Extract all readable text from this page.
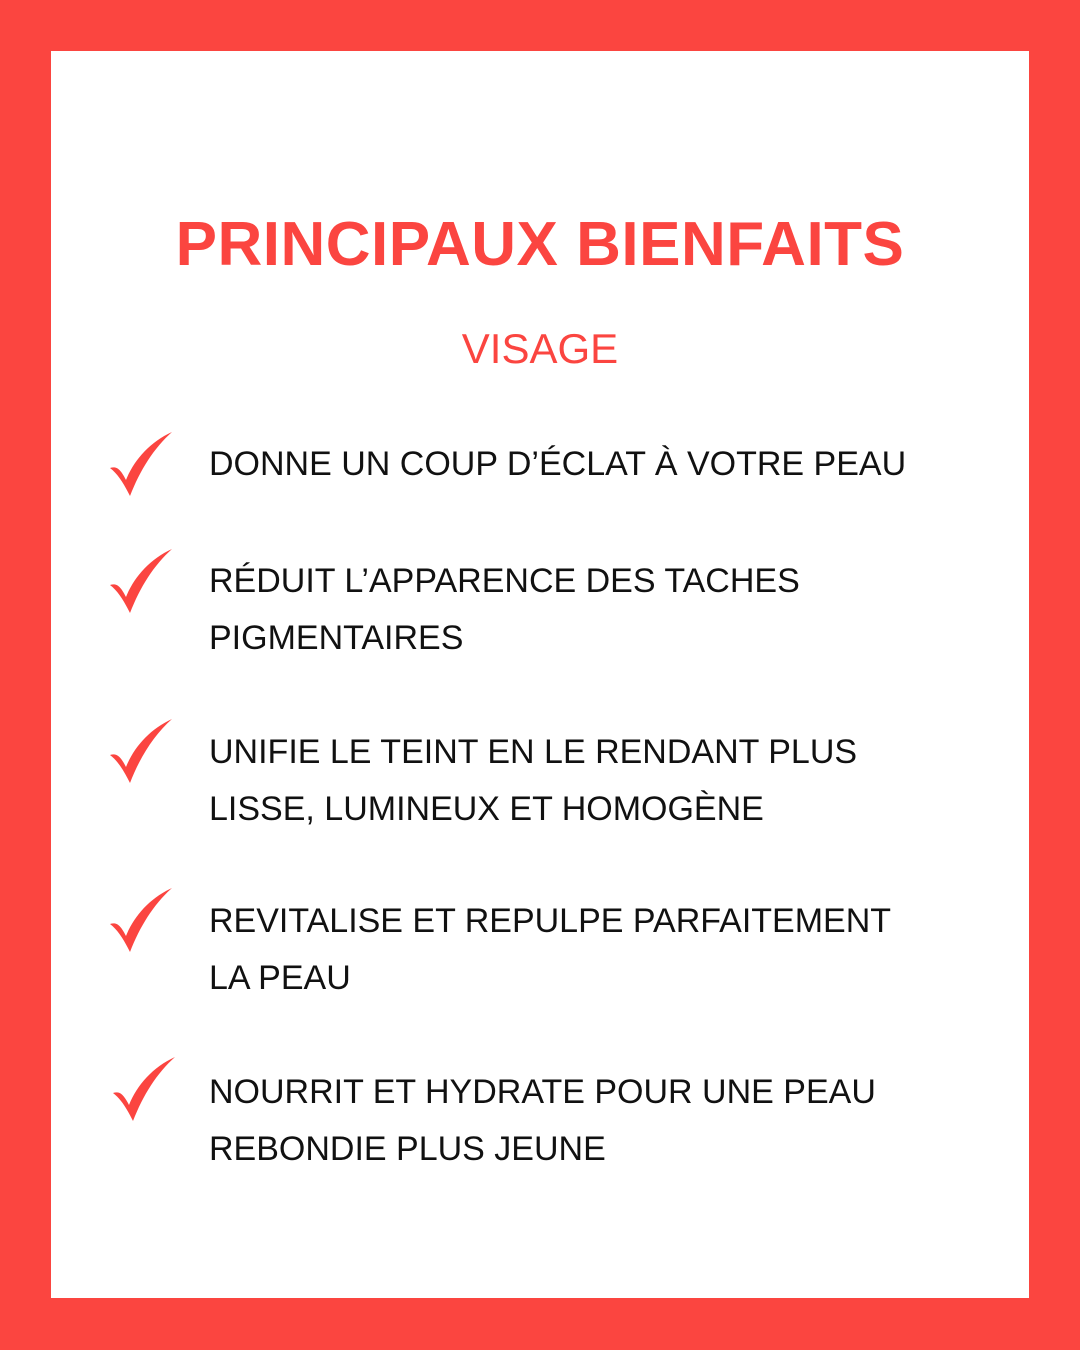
PRINCIPAUX BIENFAITS
VISAGE
DONNE UN COUP D’ÉCLAT À VOTRE PEAU
RÉDUIT L’APPARENCE DES TACHES
PIGMENTAIRES
UNIFIE LE TEINT EN LE RENDANT PLUS
LISSE, LUMINEUX ET HOMOGÈNE
REVITALISE ET REPULPE PARFAITEMENT
LA PEAU
NOURRIT ET HYDRATE POUR UNE PEAU
REBONDIE PLUS JEUNE
